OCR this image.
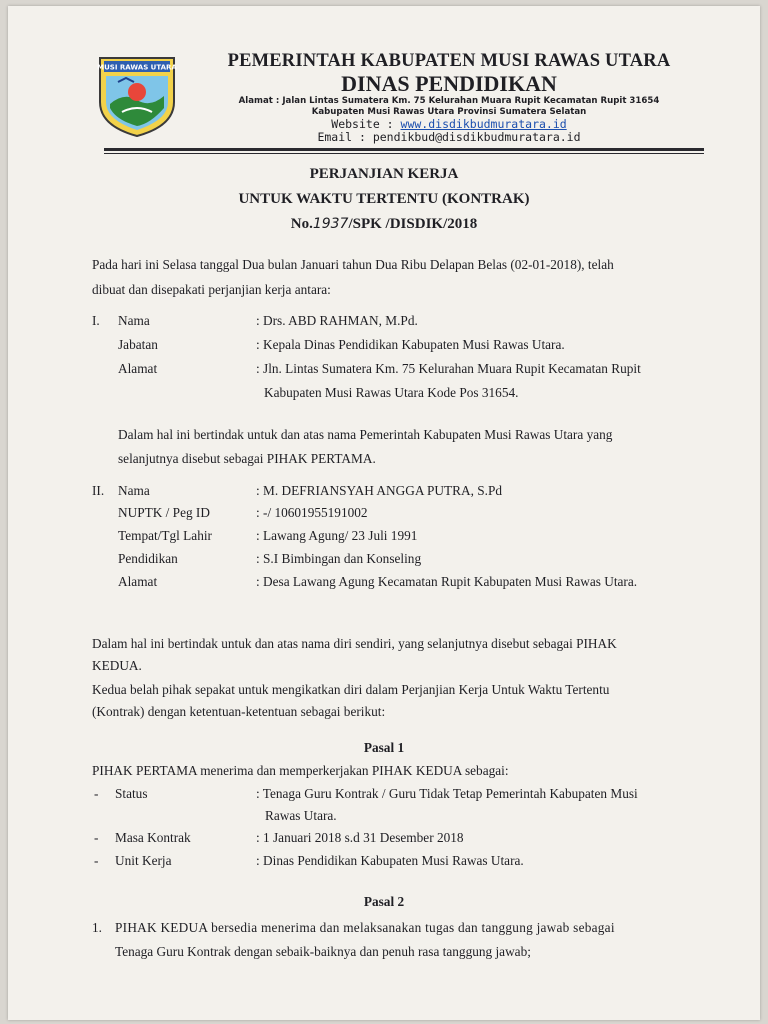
MUSI RAWAS UTARA	PEMERINTAH KABUPATEN MUSI RAWAS UTARA
DINAS PENDIDIKAN
Alamat : Jalan Lintas Sumatera Km. 75 Kelurahan Muara Rupit Kecamatan Rupit 31654
Kabupaten Musi Rawas Utara Provinsi Sumatera Selatan
Website : www.disdikbudmuratara.id
Email : pendikbud@disdikbudmuratara.id
PERJANJIAN KERJA
UNTUK WAKTU TERTENTU (KONTRAK)
No.1937/SPK /DISDIK/2018
Pada hari ini Selasa tanggal Dua bulan Januari tahun Dua Ribu Delapan Belas (02-01-2018), telah
dibuat dan disepakati perjanjian kerja antara:
I. Nama	: Drs. ABD RAHMAN, M.Pd.
Jabatan	: Kepala Dinas Pendidikan Kabupaten Musi Rawas Utara.
Alamat	: Jln. Lintas Sumatera Km. 75 Kelurahan Muara Rupit Kecamatan Rupit
Kabupaten Musi Rawas Utara Kode Pos 31654.
Dalam hal ini bertindak untuk dan atas nama Pemerintah Kabupaten Musi Rawas Utara yang
selanjutnya disebut sebagai PIHAK PERTAMA.
II. Nama	: M. DEFRIANSYAH ANGGA PUTRA, S.Pd
NUPTK / Peg ID	: -/ 10601955191002
Tempat/Tgl Lahir	: Lawang Agung/ 23 Juli 1991
Pendidikan	: S.I Bimbingan dan Konseling
Alamat	: Desa Lawang Agung Kecamatan Rupit Kabupaten Musi Rawas Utara.
Dalam hal ini bertindak untuk dan atas nama diri sendiri, yang selanjutnya disebut sebagai PIHAK
KEDUA.
Kedua belah pihak sepakat untuk mengikatkan diri dalam Perjanjian Kerja Untuk Waktu Tertentu
(Kontrak) dengan ketentuan-ketentuan sebagai berikut:
Pasal 1
PIHAK PERTAMA menerima dan memperkerjakan PIHAK KEDUA sebagai:
- Status	: Tenaga Guru Kontrak / Guru Tidak Tetap Pemerintah Kabupaten Musi
Rawas Utara.
- Masa Kontrak	: 1 Januari 2018 s.d 31 Desember 2018
- Unit Kerja	: Dinas Pendidikan Kabupaten Musi Rawas Utara.
Pasal 2
1. PIHAK KEDUA bersedia menerima dan melaksanakan tugas dan tanggung jawab sebagai
Tenaga Guru Kontrak dengan sebaik-baiknya dan penuh rasa tanggung jawab;
